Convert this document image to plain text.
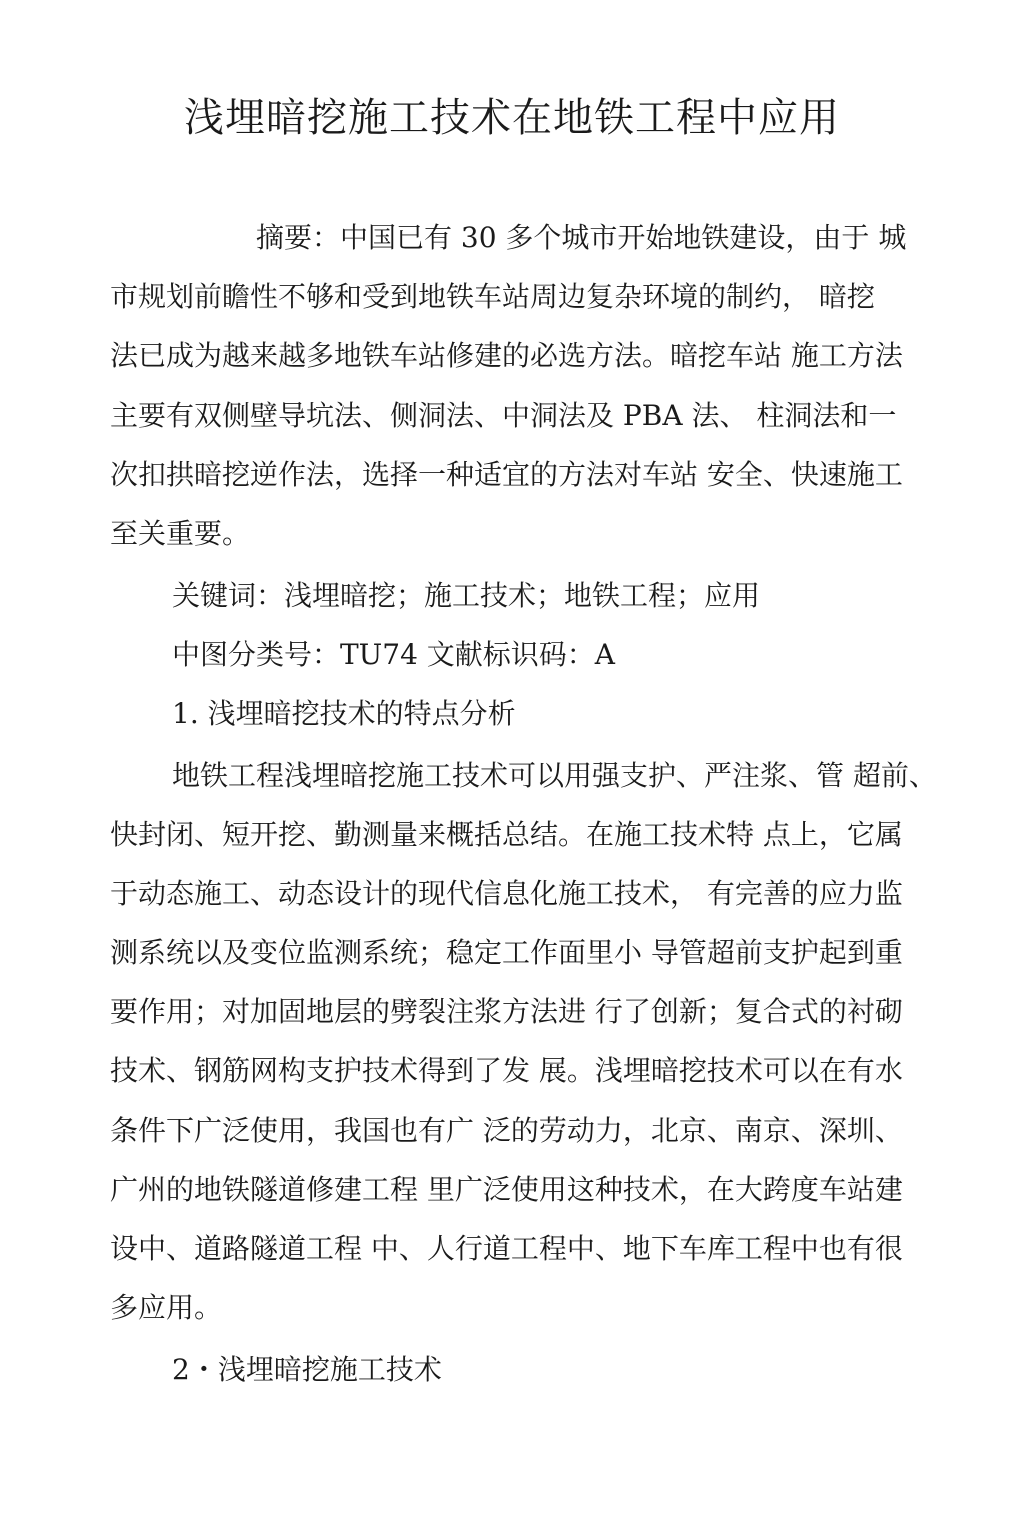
浅埋暗挖施工技术在地铁工程中应用

摘要：中国已有 30 多个城市开始地铁建设，由于 城

市规划前瞻性不够和受到地铁车站周边复杂环境的制约， 暗挖

法已成为越来越多地铁车站修建的必选方法。暗挖车站 施工方法

主要有双侧壁导坑法、侧洞法、中洞法及 PBA 法、 柱洞法和一

次扣拱暗挖逆作法，选择一种适宜的方法对车站 安全、快速施工

至关重要。

关键词：浅埋暗挖；施工技术；地铁工程；应用

中图分类号：TU74 文献标识码：A

1. 浅埋暗挖技术的特点分析

地铁工程浅埋暗挖施工技术可以用强支护、严注浆、管 超前、

快封闭、短开挖、勤测量来概括总结。在施工技术特 点上，它属

于动态施工、动态设计的现代信息化施工技术， 有完善的应力监

测系统以及变位监测系统；稳定工作面里小 导管超前支护起到重

要作用；对加固地层的劈裂注浆方法进 行了创新；复合式的衬砌

技术、钢筋网构支护技术得到了发 展。浅埋暗挖技术可以在有水

条件下广泛使用，我国也有广 泛的劳动力，北京、南京、深圳、

广州的地铁隧道修建工程 里广泛使用这种技术，在大跨度车站建

设中、道路隧道工程 中、人行道工程中、地下车库工程中也有很

多应用。

2・浅埋暗挖施工技术
